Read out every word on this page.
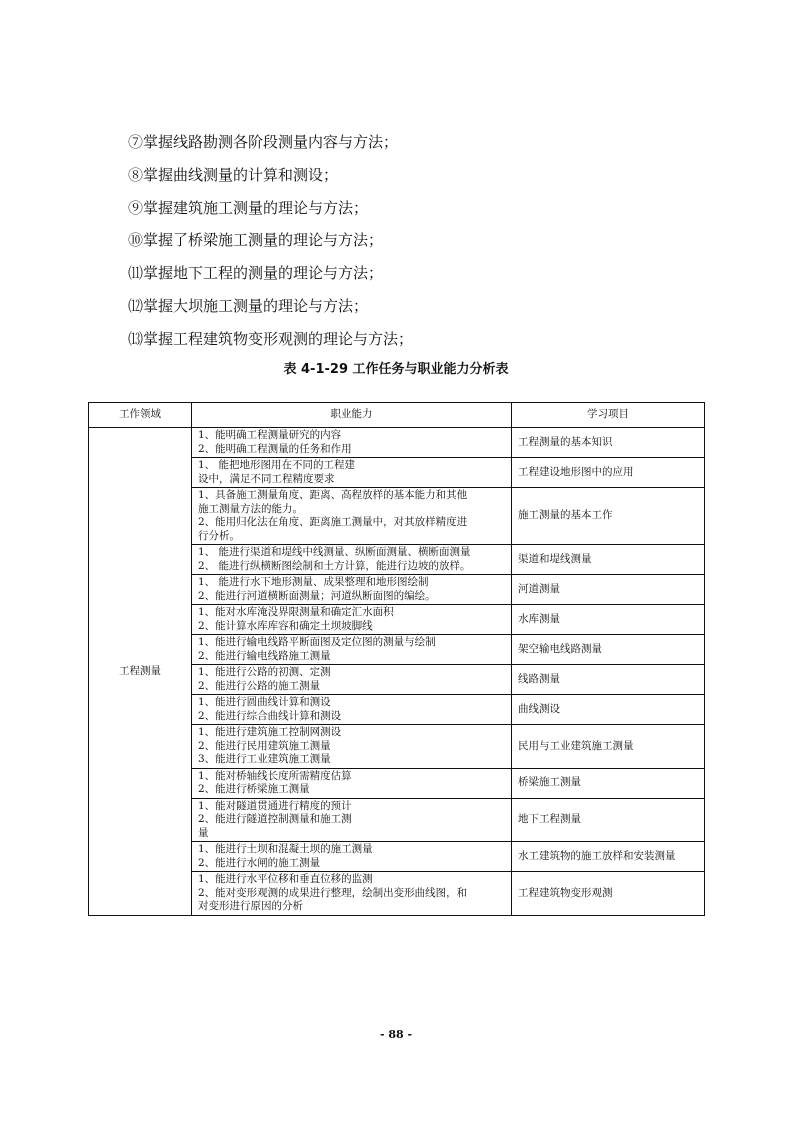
⑦掌握线路勘测各阶段测量内容与方法；
⑧掌握曲线测量的计算和测设；
⑨掌握建筑施工测量的理论与方法；
⑩掌握了桥梁施工测量的理论与方法；
⑾掌握地下工程的测量的理论与方法；
⑿掌握大坝施工测量的理论与方法；
⒀掌握工程建筑物变形观测的理论与方法；
表 4-1-29 工作任务与职业能力分析表
工作领域	职业能力	学习项目
工程测量	1、能明确工程测量研究的内容
2、能明确工程测量的任务和作用	工程测量的基本知识

	1、 能把地形图用在不同的工程建
设中，满足不同工程精度要求	工程建设地形图中的应用

	1、具备施工测量角度、距离、高程放样的基本能力和其他
施工测量方法的能力。
2、能用归化法在角度、距离施工测量中，对其放样精度进
行分析。	施工测量的基本工作

	1、 能进行渠道和堤线中线测量、纵断面测量、横断面测量
2、 能进行纵横断图绘制和土方计算，能进行边坡的放样。	渠道和堤线测量

	1、 能进行水下地形测量、成果整理和地形图绘制
2、能进行河道横断面测量；河道纵断面图的编绘。	河道测量

	1、能对水库淹没界限测量和确定汇水面积
2、能计算水库库容和确定土坝坡脚线	水库测量

	1、能进行输电线路平断面图及定位图的测量与绘制
2、能进行输电线路施工测量	架空输电线路测量

	1、能进行公路的初测、定测
2、能进行公路的施工测量	线路测量

	1、能进行圆曲线计算和测设
2、能进行综合曲线计算和测设	曲线测设

	1、能进行建筑施工控制网测设
2、能进行民用建筑施工测量
3、能进行工业建筑施工测量	民用与工业建筑施工测量

	1、能对桥轴线长度所需精度估算
2、能进行桥梁施工测量	桥梁施工测量

	1、能对隧道贯通进行精度的预计
2、能进行隧道控制测量和施工测
量	地下工程测量

	1、能进行土坝和混凝土坝的施工测量
2、能进行水闸的施工测量	水工建筑物的施工放样和安装测量

	1、能进行水平位移和垂直位移的监测
2、能对变形观测的成果进行整理，绘制出变形曲线图，和
对变形进行原因的分析	工程建筑物变形观测
- 88 -
